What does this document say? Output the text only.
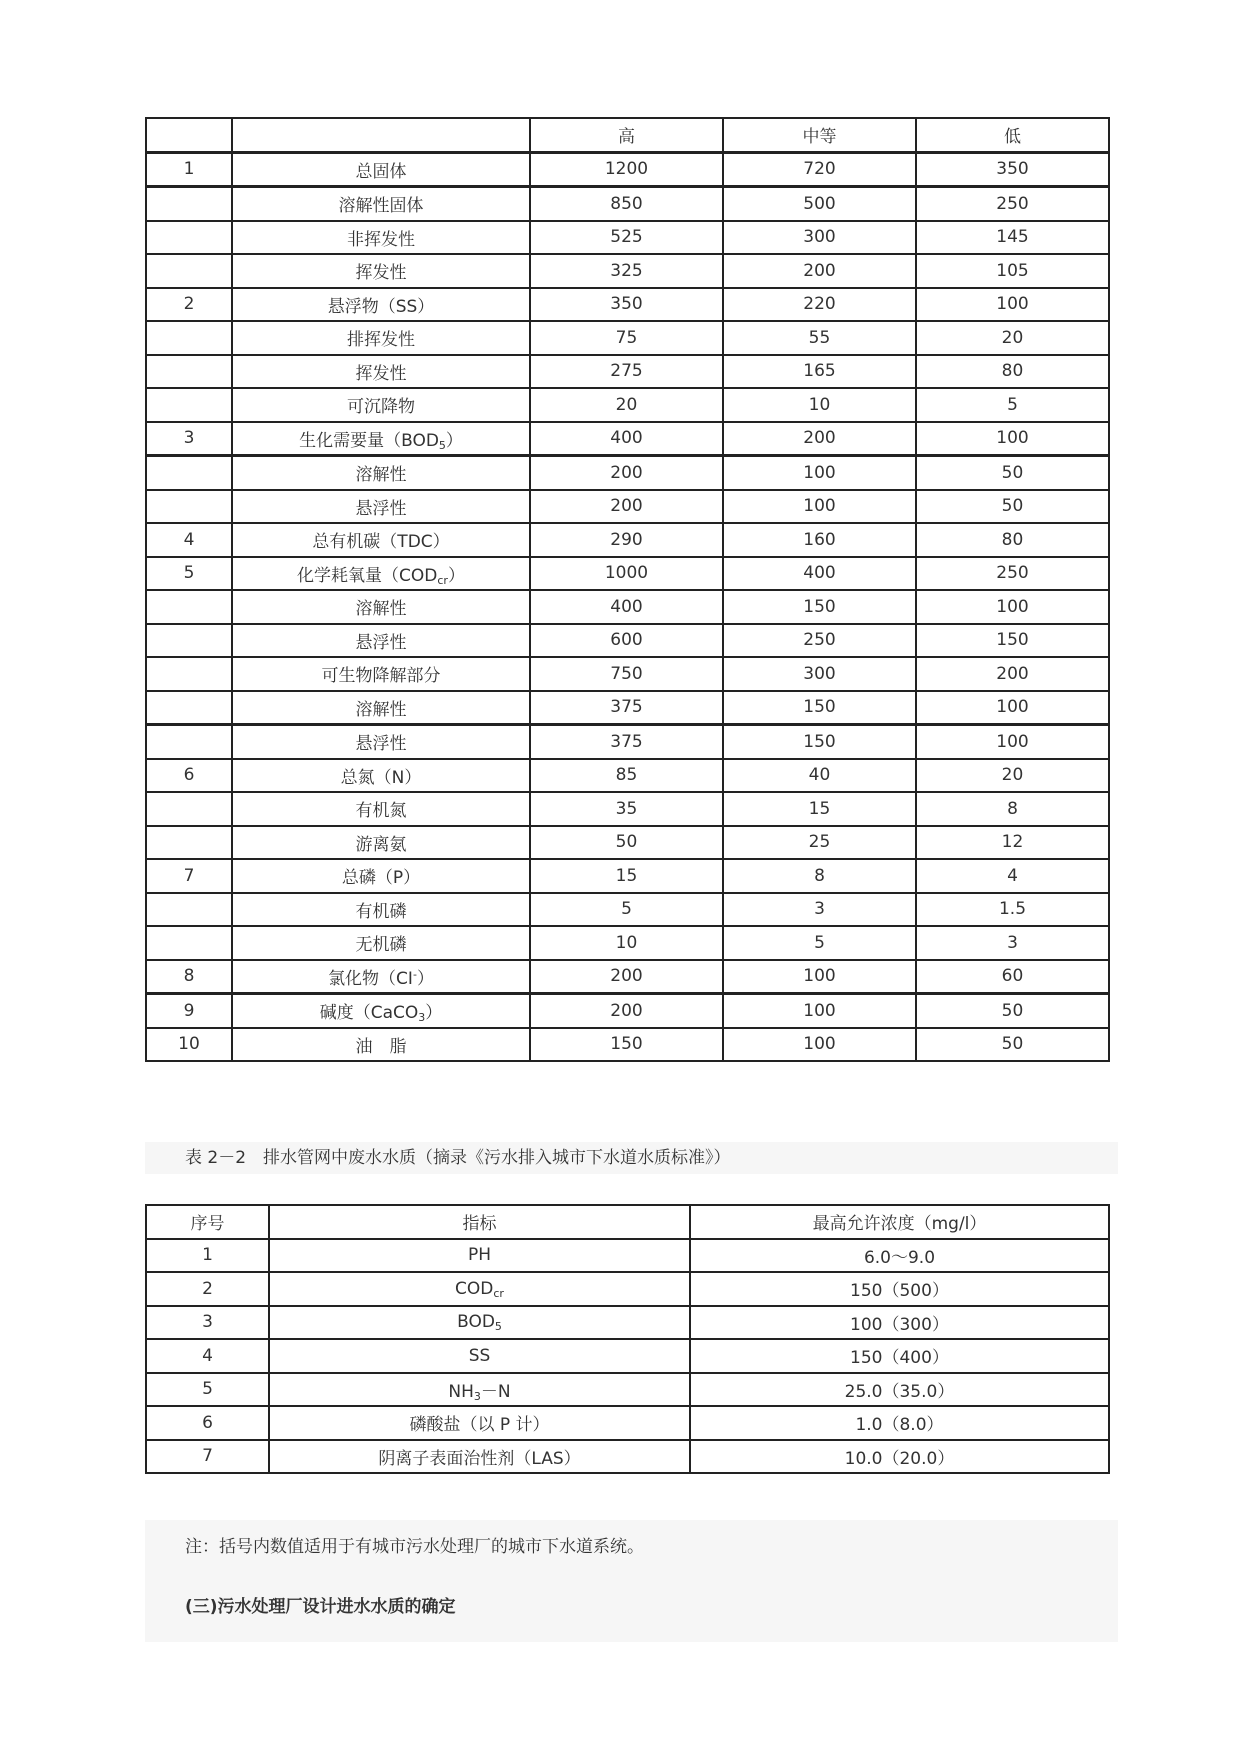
		高	中等	低
1	总固体	1200	720	350
	溶解性固体	850	500	250
	非挥发性	525	300	145
	挥发性	325	200	105
2	悬浮物（SS）	350	220	100
	排挥发性	75	55	20
	挥发性	275	165	80
	可沉降物	20	10	5
3	生化需要量$(BOD_5)$	400	200	100
	溶解性	200	100	50
	悬浮性	200	100	50
4	总有机碳（TDC）	290	160	80
5	化学耗氧量$(COD_{cr})$	1000	400	250
	溶解性	400	150	100
	悬浮性	600	250	150
	可生物降解部分	750	300	200
	溶解性	375	150	100
	悬浮性	375	150	100
6	总氮（N）	85	40	20
	有机氮	35	15	8
	游离氨	50	25	12
7	总磷（P）	15	8	4
	有机磷	5	3	1.5
	无机磷	10	5	3
8	氯化物（CI-）	200	100	60
9	碱度（CaCO$_3$）	200	100	50
10	油　脂	150	100	50
表 2－2　排水管网中废水水质（摘录《污水排入城市下水道水质标准》）
序号	指标	最高允许浓度（mg/l）
1	PH	6.0～9.0
2	$COD_{cr}$	150（500）
3	$BOD_5$	100（300）
4	SS	150（400）
5	$NH_3-N$	25.0（35.0）
6	磷酸盐（以 P 计）	1.0（8.0）
7	阴离子表面治性剂（LAS）	10.0（20.0）
注：括号内数值适用于有城市污水处理厂的城市下水道系统。
(三)污水处理厂设计进水水质的确定
